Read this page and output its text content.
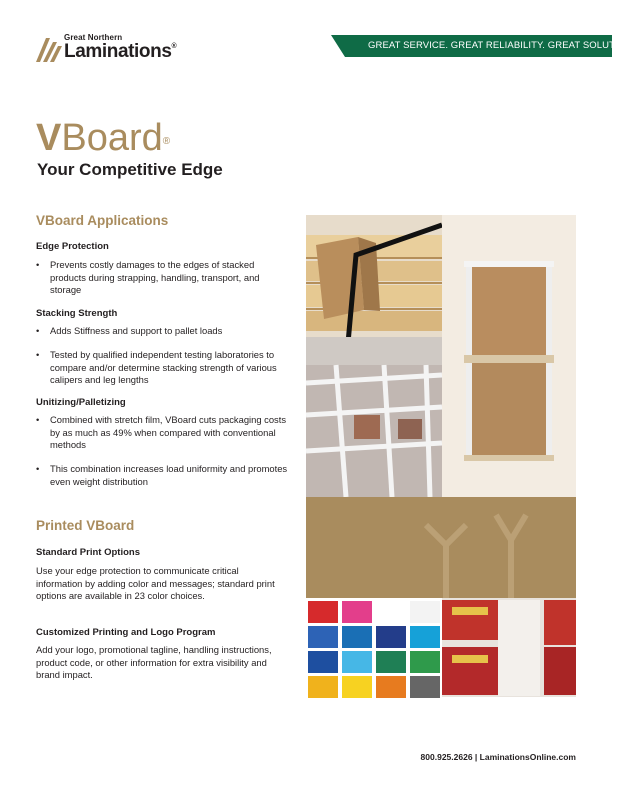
Great Northern
Laminations®	GREAT SERVICE. GREAT RELIABILITY. GREAT SOLUTIONS.
VBoard®
Your Competitive Edge
VBoard Applications
Edge Protection
• Prevents costly damages to the edges of stacked products during strapping, handling, transport, and storage
Stacking Strength
• Adds Stiffness and support to pallet loads
• Tested by qualified independent testing laboratories to compare and/or determine stacking strength of various calipers and leg lengths
Unitizing/Palletizing
• Combined with stretch film, VBoard cuts packaging costs by as much as 49% when compared with conventional methods
• This combination increases load uniformity and promotes even weight distribution
Printed VBoard
Standard Print Options
Use your edge protection to communicate critical information by adding color and messages; standard print options are available in 23 color choices.
Customized Printing and Logo Program
Add your logo, promotional tagline, handling instructions, product code, or other information for extra visibility and brand impact.
800.925.2626 | LaminationsOnline.com
